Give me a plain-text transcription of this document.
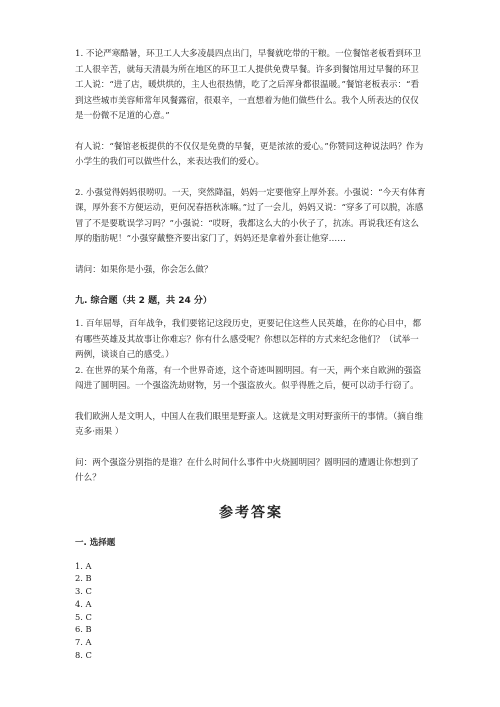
1. 不论严寒酷暑，环卫工人大多凌晨四点出门，早餐就吃带的干粮。一位餐馆老板看到环卫工人很辛苦，就每天清晨为所在地区的环卫工人提供免费早餐。许多到餐馆用过早餐的环卫工人说：“进了店，暖烘烘的，主人也很热情，吃了之后浑身都很温暖。”餐馆老板表示：“看到这些城市美容师常年风餐露宿，很艰辛，一直想着为他们做些什么。我个人所表达的仅仅是一份微不足道的心意。”

有人说：“餐馆老板提供的不仅仅是免费的早餐，更是浓浓的爱心。”你赞同这种说法吗？作为小学生的我们可以做些什么，来表达我们的爱心。

2. 小强觉得妈妈很唠叨。一天，突然降温，妈妈一定要他穿上厚外套。小强说：“今天有体育课，厚外套不方便运动，更何况春捂秋冻嘛。”过了一会儿，妈妈又说：“穿多了可以脱，冻感冒了不是要耽误学习吗？”小强说：“哎呀，我都这么大的小伙子了，抗冻。再说我还有这么厚的脂肪呢！”小强穿戴整齐要出家门了，妈妈还是拿着外套让他穿……

请问：如果你是小强，你会怎么做？

九. 综合题（共 2 题，共 24 分）

1. 百年屈辱，百年战争，我们要铭记这段历史，更要记住这些人民英雄，在你的心目中，都有哪些英雄及其故事让你难忘？你有什么感受呢？你想以怎样的方式来纪念他们？（试举一两例，谈谈自己的感受。）

2. 在世界的某个角落，有一个世界奇迹，这个奇迹叫圆明园。有一天，两个来自欧洲的强盗闯进了圆明园。一个强盗洗劫财物，另一个强盗放火。似乎得胜之后，便可以动手行窃了。

我们欧洲人是文明人，中国人在我们眼里是野蛮人。这就是文明对野蛮所干的事情。（摘自维克多·雨果 ）

问：两个强盗分别指的是谁？在什么时间什么事件中火烧圆明园？圆明园的遭遇让你想到了什么？

参考答案
一. 选择题
1. A
2. B
3. C
4. A
5. C
6. B
7. A
8. C
